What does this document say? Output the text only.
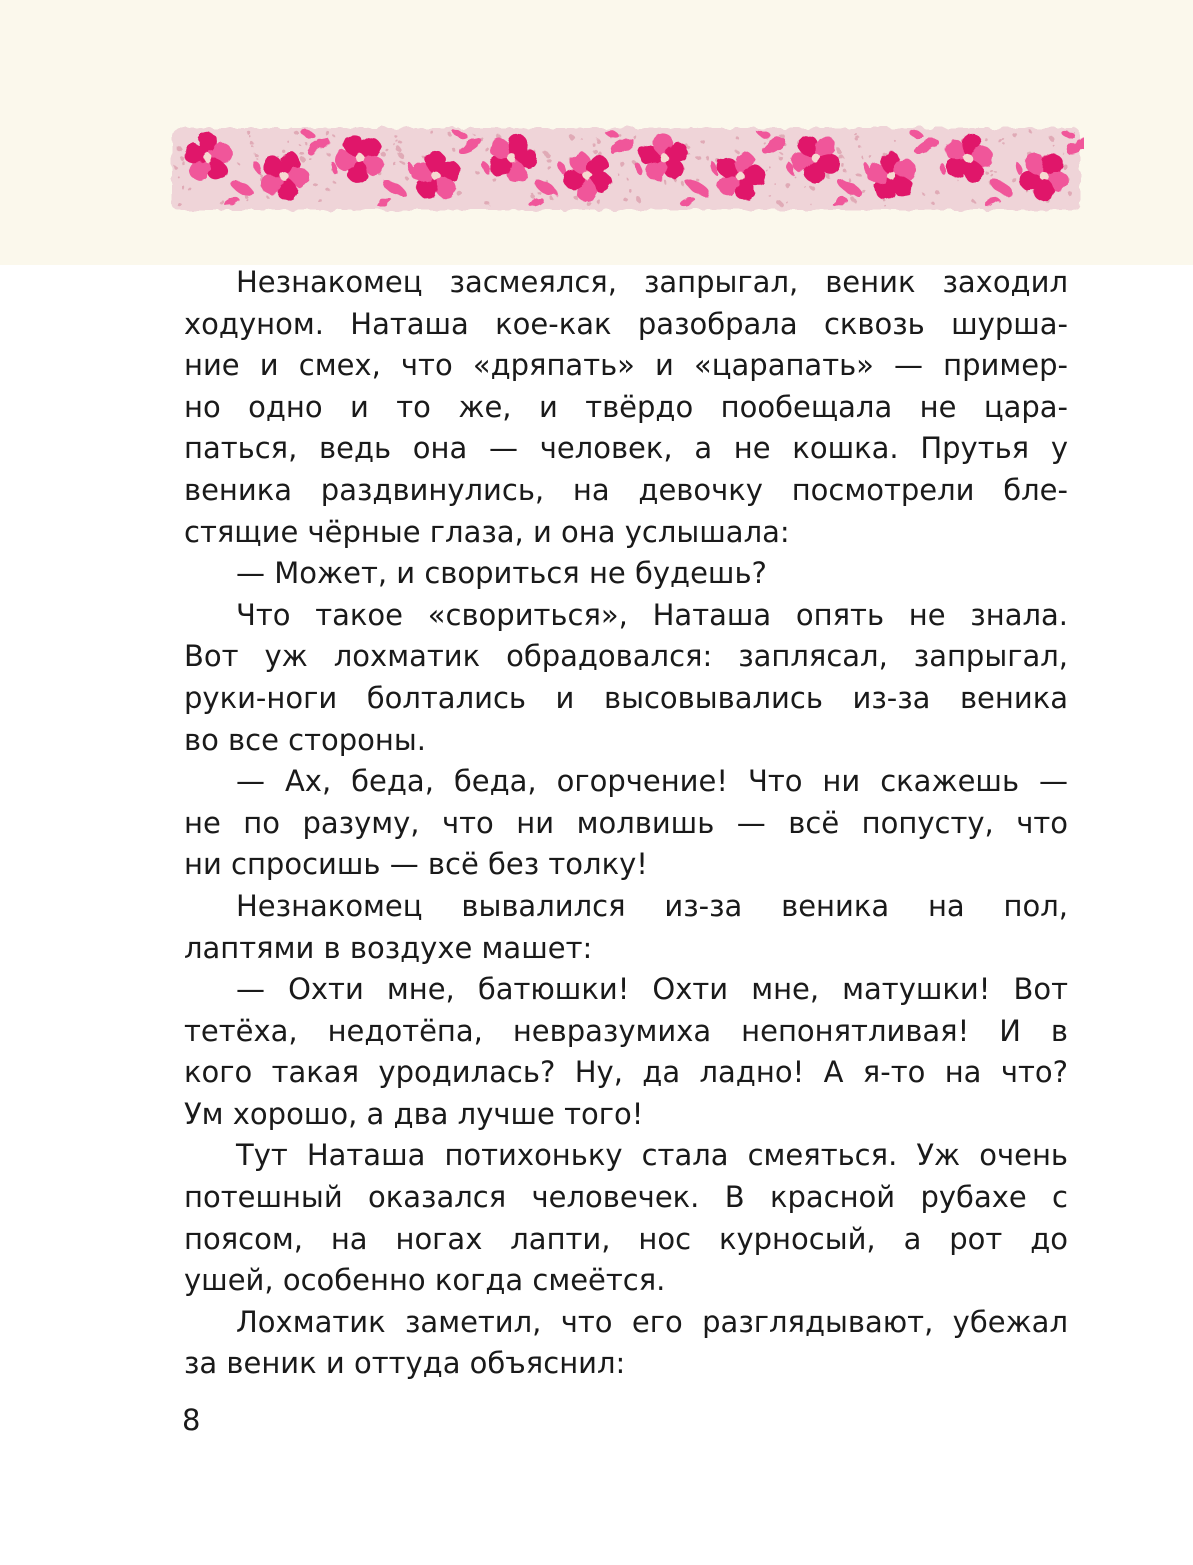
Незнакомец засмеялся, запрыгал, веник заходил
ходуном. Наташа кое-как разобрала сквозь шурша-
ние и смех, что «дряпать» и «царапать» — пример-
но одно и то же, и твёрдо пообещала не цара-
паться, ведь она — человек, а не кошка. Прутья у
веника раздвинулись, на девочку посмотрели бле-
стящие чёрные глаза, и она услышала:
— Может, и свориться не будешь?
Что такое «свориться», Наташа опять не знала.
Вот уж лохматик обрадовался: заплясал, запрыгал,
руки-ноги болтались и высовывались из-за веника
во все стороны.
— Ах, беда, беда, огорчение! Что ни скажешь —
не по разуму, что ни молвишь — всё попусту, что
ни спросишь — всё без толку!
Незнакомец вывалился из-за веника на пол,
лаптями в воздухе машет:
— Охти мне, батюшки! Охти мне, матушки! Вот
тетёха, недотёпа, невразумиха непонятливая! И в
кого такая уродилась? Ну, да ладно! А я-то на что?
Ум хорошо, а два лучше того!
Тут Наташа потихоньку стала смеяться. Уж очень
потешный оказался человечек. В красной рубахе с
поясом, на ногах лапти, нос курносый, а рот до
ушей, особенно когда смеётся.
Лохматик заметил, что его разглядывают, убежал
за веник и оттуда объяснил:
8
